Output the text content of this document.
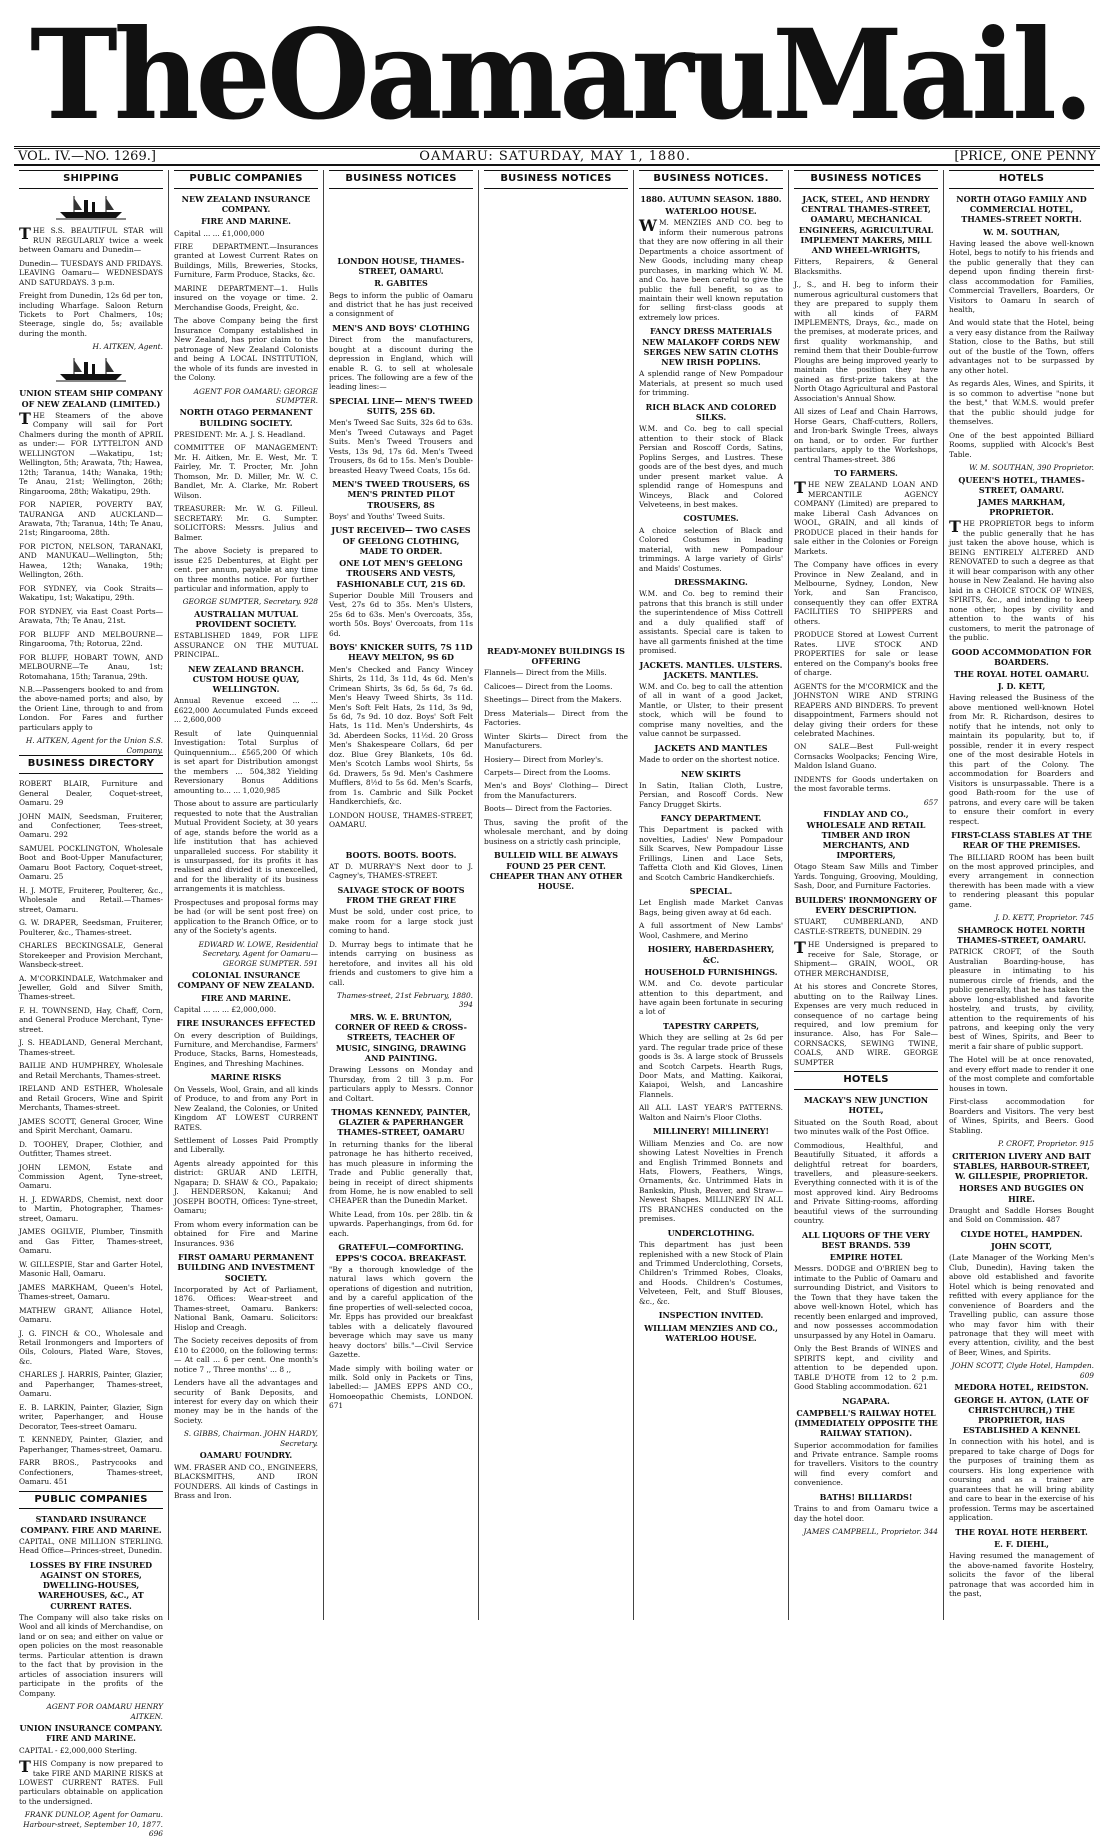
The Oamaru Mail.
VOL. IV.—NO. 1269.]	OAMARU: SATURDAY, MAY 1, 1880.	[PRICE, ONE PENNY
SHIPPING
THE S.S. BEAUTIFUL STAR will RUN REGULARLY twice a week between Oamaru and Dunedin—
Dunedin— TUESDAYS AND FRIDAYS. LEAVING Oamaru— WEDNESDAYS AND SATURDAYS. 3 p.m.
Freight from Dunedin, 12s 6d per ton, including Wharfage. Saloon Return Tickets to Port Chalmers, 10s; Steerage, single do, 5s; available during the month.
H. AITKEN, Agent.
UNION STEAM SHIP COMPANY OF NEW ZEALAND (LIMITED.)
THE Steamers of the above Company will sail for Port Chalmers during the month of APRIL as under:— FOR LYTTELTON AND WELLINGTON —Wakatipu, 1st; Wellington, 5th; Arawata, 7th; Hawea, 12th; Taranua, 14th; Wanaka, 19th; Te Anau, 21st; Wellington, 26th; Ringarooma, 28th; Wakatipu, 29th.
FOR NAPIER, POVERTY BAY, TAURANGA AND AUCKLAND—Arawata, 7th; Taranua, 14th; Te Anau, 21st; Ringarooma, 28th.
FOR PICTON, NELSON, TARANAKI, AND MANUKAU—Wellington, 5th; Hawea, 12th; Wanaka, 19th; Wellington, 26th.
FOR SYDNEY, via Cook Straits—Wakatipu, 1st; Wakatipu, 29th.
FOR SYDNEY, via East Coast Ports—Arawata, 7th; Te Anau, 21st.
FOR BLUFF AND MELBOURNE—Ringarooma, 7th; Rotorua, 22nd.
FOR BLUFF, HOBART TOWN, AND MELBOURNE—Te Anau, 1st; Rotomahana, 15th; Taranua, 29th.
N.B.—Passengers booked to and from the above-named ports; and also, by the Orient Line, through to and from London. For Fares and further particulars apply to
H. AITKEN, Agent for the Union S.S. Company.
BUSINESS DIRECTORY
ROBERT BLAIR, Furniture and General Dealer, Coquet-street, Oamaru. 29
JOHN MAIN, Seedsman, Fruiterer, and Confectioner, Tees-street, Oamaru. 292
SAMUEL POCKLINGTON, Wholesale Boot and Boot-Upper Manufacturer, Oamaru Boot Factory, Coquet-street, Oamaru. 25
H. J. MOTE, Fruiterer, Poulterer, &c., Wholesale and Retail.—Thames-street, Oamaru.
G. W. DRAPER, Seedsman, Fruiterer, Poulterer, &c., Thames-street.
CHARLES BECKINGSALE, General Storekeeper and Provision Merchant, Wansbeck-street.
A. M'CORKINDALE, Watchmaker and Jeweller, Gold and Silver Smith, Thames-street.
F. H. TOWNSEND, Hay, Chaff, Corn, and General Produce Merchant, Tyne-street.
J. S. HEADLAND, General Merchant, Thames-street.
BAILIE AND HUMPHREY, Wholesale and Retail Merchants, Thames-street.
IRELAND AND ESTHER, Wholesale and Retail Grocers, Wine and Spirit Merchants, Thames-street.
JAMES SCOTT, General Grocer, Wine and Spirit Merchant, Oamaru.
D. TOOHEY, Draper, Clothier, and Outfitter, Thames street.
JOHN LEMON, Estate and Commission Agent, Tyne-street, Oamaru.
H. J. EDWARDS, Chemist, next door to Martin, Photographer, Thames-street, Oamaru.
JAMES OGILVIE, Plumber, Tinsmith and Gas Fitter, Thames-street, Oamaru.
W. GILLESPIE, Star and Garter Hotel, Masonic Hall, Oamaru.
JAMES MARKHAM, Queen's Hotel, Thames-street, Oamaru.
MATHEW GRANT, Alliance Hotel, Oamaru.
J. G. FINCH & CO., Wholesale and Retail Ironmongers and Importers of Oils, Colours, Plated Ware, Stoves, &c.
CHARLES J. HARRIS, Painter, Glazier, and Paperhanger, Thames-street, Oamaru.
E. B. LARKIN, Painter, Glazier, Sign writer, Paperhanger, and House Decorator, Tees-street Oamaru.
T. KENNEDY, Painter, Glazier, and Paperhanger, Thames-street, Oamaru.
FARR BROS., Pastrycooks and Confectioners, Thames-street, Oamaru. 451
PUBLIC COMPANIES
STANDARD INSURANCE COMPANY. FIRE AND MARINE.
CAPITAL, ONE MILLION STERLING. Head Office—Princes-street, Dunedin.
LOSSES BY FIRE INSURED AGAINST ON STORES, DWELLING-HOUSES, WAREHOUSES, &C., AT CURRENT RATES.
The Company will also take risks on Wool and all kinds of Merchandise, on land or on sea; and either on value or open policies on the most reasonable terms. Particular attention is drawn to the fact that by provision in the articles of association insurers will participate in the profits of the Company.
AGENT FOR OAMARU HENRY AITKEN.
UNION INSURANCE COMPANY. FIRE AND MARINE.
CAPITAL - £2,000,000 Sterling.
THIS Company is now prepared to take FIRE AND MARINE RISKS at LOWEST CURRENT RATES. Full particulars obtainable on application to the undersigned.
FRANK DUNLOP, Agent for Oamaru. Harbour-street, September 10, 1877. 696
PUBLIC COMPANIES
NEW ZEALAND INSURANCE COMPANY.
FIRE AND MARINE.
Capital ... ... £1,000,000
FIRE DEPARTMENT.—Insurances granted at Lowest Current Rates on Buildings, Mills, Breweries, Stocks, Furniture, Farm Produce, Stacks, &c.
MARINE DEPARTMENT—1. Hulls insured on the voyage or time. 2. Merchandise Goods, Freight, &c.
The above Company being the first Insurance Company established in New Zealand, has prior claim to the patronage of New Zealand Colonists and being A LOCAL INSTITUTION, the whole of its funds are invested in the Colony.
AGENT FOR OAMARU: GEORGE SUMPTER.
NORTH OTAGO PERMANENT BUILDING SOCIETY.
PRESIDENT: Mr. A. J. S. Headland.
COMMITTEE OF MANAGEMENT: Mr. H. Aitken, Mr. E. West, Mr. T. Fairley, Mr. T. Procter, Mr. John Thomson, Mr. D. Miller, Mr. W. C. Bandlet, Mr. A. Clarke, Mr. Robert Wilson.
TREASURER: Mr. W. G. Filleul. SECRETARY: Mr. G. Sumpter. SOLICITORS: Messrs. Julius and Balmer.
The above Society is prepared to issue £25 Debentures, at Eight per cent. per annum, payable at any time on three months notice. For further particular and information, apply to
GEORGE SUMPTER, Secretary. 928
AUSTRALIAN MUTUAL PROVIDENT SOCIETY.
ESTABLISHED 1849, FOR LIFE ASSURANCE ON THE MUTUAL PRINCIPAL.
NEW ZEALAND BRANCH. CUSTOM HOUSE QUAY, WELLINGTON.
Annual Revenue exceed ... ... £622,000 Accumulated Funds exceed ... 2,600,000
Result of late Quinquennial Investigation: Total Surplus of Quinquennium... £565,200 Of which is set apart for Distribution amongst the members ... 504,382 Yielding Reversionary Bonus Additions amounting to... ... 1,020,985
Those about to assure are particularly requested to note that the Australian Mutual Provident Society, at 30 years of age, stands before the world as a life institution that has achieved unparalleled success. For stability it is unsurpassed, for its profits it has realised and divided it is unexcelled, and for the liberality of its business arrangements it is matchless.
Prospectuses and proposal forms may be had (or will be sent post free) on application to the Branch Office, or to any of the Society's agents.
EDWARD W. LOWE, Residential Secretary. Agent for Oamaru— GEORGE SUMPTER. 591
COLONIAL INSURANCE COMPANY OF NEW ZEALAND.
FIRE AND MARINE.
Capital ... ... ... £2,000,000.
FIRE INSURANCES EFFECTED
On every description of Buildings, Furniture, and Merchandise, Farmers' Produce, Stacks, Barns, Homesteads, Engines, and Threshing Machines.
MARINE RISKS
On Vessels, Wool, Grain, and all kinds of Produce, to and from any Port in New Zealand, the Colonies, or United Kingdom AT LOWEST CURRENT RATES.
Settlement of Losses Paid Promptly and Liberally.
Agents already appointed for this district: GRUAR AND LEITH, Ngapara; D. SHAW & CO., Papakaio; J. HENDERSON, Kakanui; And JOSEPH BOOTH, Offices: Tyne-street, Oamaru;
From whom every information can be obtained for Fire and Marine Insurances. 936
FIRST OAMARU PERMANENT BUILDING AND INVESTMENT SOCIETY.
Incorporated by Act of Parliament, 1876. Offices: Wear-street and Thames-street, Oamaru. Bankers: National Bank, Oamaru. Solicitors: Hislop and Creagh.
The Society receives deposits of from £10 to £2000, on the following terms:— At call ... 6 per cent. One month's notice 7 ,, Three months' ... 8 ,,
Lenders have all the advantages and security of Bank Deposits, and interest for every day on which their money may be in the hands of the Society.
S. GIBBS, Chairman. JOHN HARDY, Secretary.
OAMARU FOUNDRY.
WM. FRASER AND CO., ENGINEERS, BLACKSMITHS, AND IRON FOUNDERS. All kinds of Castings in Brass and Iron.
BUSINESS NOTICES
LONDON HOUSE, THAMES-STREET, OAMARU.
R. GABITES
Begs to inform the public of Oamaru and district that he has just received a consignment of
MEN'S AND BOYS' CLOTHING
Direct from the manufacturers, bought at a discount during the depression in England, which will enable R. G. to sell at wholesale prices. The following are a few of the leading lines:—
SPECIAL LINE— MEN'S TWEED SUITS, 25S 6D.
Men's Tweed Sac Suits, 32s 6d to 63s. Men's Tweed Cutaways and Paget Suits. Men's Tweed Trousers and Vests, 13s 9d, 17s 6d. Men's Tweed Trousers, 8s 6d to 15s. Men's Double-breasted Heavy Tweed Coats, 15s 6d.
MEN'S TWEED TROUSERS, 6S MEN'S PRINTED PILOT TROUSERS, 8S
Boys' and Youths' Tweed Suits.
JUST RECEIVED— TWO CASES OF GEELONG CLOTHING, MADE TO ORDER.
ONE LOT MEN'S GEELONG TROUSERS AND VESTS, FASHIONABLE CUT, 21S 6D.
Superior Double Mill Trousers and Vest, 27s 6d to 35s. Men's Ulsters, 25s 6d to 63s. Men's Overcoats, 35s, worth 50s. Boys' Overcoats, from 11s 6d.
BOYS' KNICKER SUITS, 7S 11D HEAVY MELTON, 9S 6D
Men's Checked and Fancy Wincey Shirts, 2s 11d, 3s 11d, 4s 6d. Men's Crimean Shirts, 3s 6d, 5s 6d, 7s 6d. Men's Heavy Tweed Shirts, 3s 11d. Men's Soft Felt Hats, 2s 11d, 3s 9d, 5s 6d, 7s 9d. 10 doz. Boys' Soft Felt Hats, 1s 11d. Men's Undershirts, 4s 3d. Aberdeen Socks, 11½d. 20 Gross Men's Shakespeare Collars, 6d per doz. Blue Grey Blankets, 10s 6d. Men's Scotch Lambs wool Shirts, 5s 6d. Drawers, 5s 9d. Men's Cashmere Mufflers, 8½d to 5s 6d. Men's Scarfs, from 1s. Cambric and Silk Pocket Handkerchiefs, &c.
LONDON HOUSE, THAMES-STREET, OAMARU.
BOOTS. BOOTS. BOOTS.
AT D. MURRAY'S Next door to J. Cagney's, THAMES-STREET.
SALVAGE STOCK OF BOOTS FROM THE GREAT FIRE
Must be sold, under cost price, to make room for a large stock just coming to hand.
D. Murray begs to intimate that he intends carrying on business as heretofore, and invites all his old friends and customers to give him a call.
Thames-street, 21st February, 1880. 394
MRS. W. E. BRUNTON, CORNER OF REED & CROSS-STREETS, TEACHER OF MUSIC, SINGING, DRAWING AND PAINTING.
Drawing Lessons on Monday and Thursday, from 2 till 3 p.m. For particulars apply to Messrs. Connor and Coltart.
THOMAS KENNEDY, PAINTER, GLAZIER & PAPERHANGER THAMES-STREET, OAMARU
In returning thanks for the liberal patronage he has hitherto received, has much pleasure in informing the Trade and Public generally that, being in receipt of direct shipments from Home, he is now enabled to sell CHEAPER than the Dunedin Market.
White Lead, from 10s. per 28lb. tin & upwards. Paperhangings, from 6d. for each.
GRATEFUL—COMFORTING. EPPS'S COCOA. BREAKFAST.
"By a thorough knowledge of the natural laws which govern the operations of digestion and nutrition, and by a careful application of the fine properties of well-selected cocoa, Mr. Epps has provided our breakfast tables with a delicately flavoured beverage which may save us many heavy doctors' bills."—Civil Service Gazette.
Made simply with boiling water or milk. Sold only in Packets or Tins, labelled:— JAMES EPPS AND CO., Homoeopathic Chemists, LONDON. 671
BUSINESS NOTICES
READY-MONEY BUILDINGS IS OFFERING
Flannels— Direct from the Mills.
Calicoes— Direct from the Looms.
Sheetings— Direct from the Makers.
Dress Materials— Direct from the Factories.
Winter Skirts— Direct from the Manufacturers.
Hosiery— Direct from Morley's.
Carpets— Direct from the Looms.
Men's and Boys' Clothing— Direct from the Manufacturers.
Boots— Direct from the Factories.
Thus, saving the profit of the wholesale merchant, and by doing business on a strictly cash principle,
BULLEID WILL BE ALWAYS FOUND 25 PER CENT. CHEAPER THAN ANY OTHER HOUSE.
BUSINESS NOTICES.
1880. AUTUMN SEASON. 1880.
WATERLOO HOUSE.
WM. MENZIES AND CO. beg to inform their numerous patrons that they are now offering in all their Departments a choice assortment of New Goods, including many cheap purchases, in marking which W. M. and Co. have been careful to give the public the full benefit, so as to maintain their well known reputation for selling first-class goods at extremely low prices.
FANCY DRESS MATERIALS NEW MALAKOFF CORDS NEW SERGES NEW SATIN CLOTHS NEW IRISH POPLINS.
A splendid range of New Pompadour Materials, at present so much used for trimming.
RICH BLACK AND COLORED SILKS.
W.M. and Co. beg to call special attention to their stock of Black Persian and Roscoff Cords, Satins, Poplins Serges, and Lustres. These goods are of the best dyes, and much under present market value. A splendid range of Homespuns and Winceys, Black and Colored Velveteens, in best makes.
COSTUMES.
A choice selection of Black and Colored Costumes in leading material, with new Pompadour trimmings. A large variety of Girls' and Maids' Costumes.
DRESSMAKING.
W.M. and Co. beg to remind their patrons that this branch is still under the superintendence of Miss Cottrell and a duly qualified staff of assistants. Special care is taken to have all garments finished at the time promised.
JACKETS. MANTLES. ULSTERS. JACKETS. MANTLES.
W.M. and Co. beg to call the attention of all in want of a good Jacket, Mantle, or Ulster, to their present stock, which will be found to comprise many novelties, and the value cannot be surpassed.
JACKETS AND MANTLES
Made to order on the shortest notice.
NEW SKIRTS
In Satin, Italian Cloth, Lustre, Persian, and Roscoff Cords. New Fancy Drugget Skirts.
FANCY DEPARTMENT.
This Department is packed with novelties, Ladies' New Pompadour Silk Scarves, New Pompadour Lisse Frillings, Linen and Lace Sets, Taffetta Cloth and Kid Gloves, Linen and Scotch Cambric Handkerchiefs.
SPECIAL.
Let English made Market Canvas Bags, being given away at 6d each.
A full assortment of New Lambs' Wool, Cashmere, and Merino
HOSIERY, HABERDASHERY, &C.
HOUSEHOLD FURNISHINGS.
W.M. and Co. devote particular attention to this department, and have again been fortunate in securing a lot of
TAPESTRY CARPETS,
Which they are selling at 2s 6d per yard. The regular trade price of these goods is 3s. A large stock of Brussels and Scotch Carpets. Hearth Rugs, Door Mats, and Matting. Kaikorai, Kaiapoi, Welsh, and Lancashire Flannels.
All ALL LAST YEAR'S PATTERNS. Walton and Nairn's Floor Cloths.
MILLINERY! MILLINERY!
William Menzies and Co. are now showing Latest Novelties in French and English Trimmed Bonnets and Hats, Flowers, Feathers, Wings, Ornaments, &c. Untrimmed Hats in Bankskin, Plush, Beaver, and Straw—Newest Shapes. MILLINERY IN ALL ITS BRANCHES conducted on the premises.
UNDERCLOTHING.
This department has just been replenished with a new Stock of Plain and Trimmed Underclothing, Corsets, Children's Trimmed Robes, Cloaks, and Hoods. Children's Costumes, Velveteen, Felt, and Stuff Blouses, &c., &c.
INSPECTION INVITED.
WILLIAM MENZIES AND CO., WATERLOO HOUSE.
BUSINESS NOTICES
JACK, STEEL, AND HENDRY CENTRAL THAMES-STREET, OAMARU, MECHANICAL ENGINEERS, AGRICULTURAL IMPLEMENT MAKERS, MILL AND WHEEL-WRIGHTS,
Fitters, Repairers, & General Blacksmiths.
J., S., and H. beg to inform their numerous agricultural customers that they are prepared to supply them with all kinds of FARM IMPLEMENTS, Drays, &c., made on the premises, at moderate prices, and first quality workmanship, and remind them that their Double-furrow Ploughs are being improved yearly to maintain the position they have gained as first-prize takers at the North Otago Agricultural and Pastoral Association's Annual Show.
All sizes of Leaf and Chain Harrows, Horse Gears, Chaff-cutters, Rollers, and Iron-bark Swingle Trees, always on hand, or to order. For further particulars, apply to the Workshops, central Thames-street. 386
TO FARMERS.
THE NEW ZEALAND LOAN AND MERCANTILE AGENCY COMPANY (Limited) are prepared to make Liberal Cash Advances on WOOL, GRAIN, and all kinds of PRODUCE placed in their hands for sale either in the Colonies or Foreign Markets.
The Company have offices in every Province in New Zealand, and in Melbourne, Sydney, London, New York, and San Francisco, consequently they can offer EXTRA FACILITIES TO SHIPPERS and others.
PRODUCE Stored at Lowest Current Rates. LIVE STOCK AND PROPERTIES for sale or lease entered on the Company's books free of charge.
AGENTS for the M'CORMICK and the JOHNSTON WIRE AND STRING REAPERS AND BINDERS. To prevent disappointment, Farmers should not delay giving their orders for these celebrated Machines.
ON SALE—Best Full-weight Cornsacks Woolpacks; Fencing Wire, Maldon Island Guano.
INDENTS for Goods undertaken on the most favorable terms.
657
FINDLAY AND CO., WHOLESALE AND RETAIL TIMBER AND IRON MERCHANTS, AND IMPORTERS,
Otago Steam Saw Mills and Timber Yards. Tonguing, Grooving, Moulding, Sash, Door, and Furniture Factories.
BUILDERS' IRONMONGERY OF EVERY DESCRIPTION.
STUART, CUMBERLAND, AND CASTLE-STREETS, DUNEDIN. 29
THE Undersigned is prepared to receive for Sale, Storage, or Shipment— GRAIN, WOOL, OR OTHER MERCHANDISE,
At his stores and Concrete Stores, abutting on to the Railway Lines. Expenses are very much reduced in consequence of no cartage being required, and low premium for insurance. Also, has For Sale— CORNSACKS, SEWING TWINE, COALS, AND WIRE. GEORGE SUMPTER
HOTELS
MACKAY'S NEW JUNCTION HOTEL,
Situated on the South Road, about two minutes walk of the Post Office.
Commodious, Healthful, and Beautifully Situated, it affords a delightful retreat for boarders, travellers, and pleasure-seekers. Everything connected with it is of the most approved kind. Airy Bedrooms and Private Sitting-rooms, affording beautiful views of the surrounding country.
ALL LIQUORS OF THE VERY BEST BRANDS. 539
EMPIRE HOTEL
Messrs. DODGE and O'BRIEN beg to intimate to the Public of Oamaru and surrounding District, and Visitors to the Town that they have taken the above well-known Hotel, which has recently been enlarged and improved, and now possesses accommodation unsurpassed by any Hotel in Oamaru.
Only the Best Brands of WINES and SPIRITS kept, and civility and attention to be depended upon. TABLE D'HOTE from 12 to 2 p.m. Good Stabling accommodation. 621
NGAPARA.
CAMPBELL'S RAILWAY HOTEL (IMMEDIATELY OPPOSITE THE RAILWAY STATION).
Superior accommodation for families and Private entrance. Sample rooms for travellers. Visitors to the country will find every comfort and convenience.
BATHS! BILLIARDS!
Trains to and from Oamaru twice a day the hotel door.
JAMES CAMPBELL, Proprietor. 344
HOTELS
NORTH OTAGO FAMILY AND COMMERCIAL HOTEL, THAMES-STREET NORTH.
W. M. SOUTHAN,
Having leased the above well-known Hotel, begs to notify to his friends and the public generally that they can depend upon finding therein first-class accommodation for Families, Commercial Travellers, Boarders, Or Visitors to Oamaru In search of health,
And would state that the Hotel, being a very easy distance from the Railway Station, close to the Baths, but still out of the bustle of the Town, offers advantages not to be surpassed by any other hotel.
As regards Ales, Wines, and Spirits, it is so common to advertise "none but the best," that W.M.S. would prefer that the public should judge for themselves.
One of the best appointed Billiard Rooms, supplied with Alcock's Best Table.
W. M. SOUTHAN, 390 Proprietor.
QUEEN'S HOTEL, THAMES-STREET, OAMARU.
JAMES MARKHAM, PROPRIETOR.
THE PROPRIETOR begs to inform the public generally that he has just taken the above house, which is BEING ENTIRELY ALTERED AND RENOVATED to such a degree as that it will bear comparison with any other house in New Zealand. He having also laid in a CHOICE STOCK OF WINES, SPIRITS, &c., and intending to keep none other, hopes by civility and attention to the wants of his customers, to merit the patronage of the public.
GOOD ACCOMMODATION FOR BOARDERS.
THE ROYAL HOTEL OAMARU.
J. D. KETT,
Having released the Business of the above mentioned well-known Hotel from Mr. R. Richardson, desires to notify that he intends, not only to maintain its popularity, but to, if possible, render it in every respect one of the most desirable Hotels in this part of the Colony. The accommodation for Boarders and Visitors is unsurpassable. There is a good Bath-room for the use of patrons, and every care will be taken to ensure their comfort in every respect.
FIRST-CLASS STABLES AT THE REAR OF THE PREMISES.
The BILLIARD ROOM has been built on the most approved principles, and every arrangement in connection therewith has been made with a view to rendering pleasant this popular game.
J. D. KETT, Proprietor. 745
SHAMROCK HOTEL NORTH THAMES-STREET, OAMARU.
PATRICK CROFT, of the South Australian Boarding-house, has pleasure in intimating to his numerous circle of friends, and the public generally, that he has taken the above long-established and favorite hostelry, and trusts, by civility, attention to the requirements of his patrons, and keeping only the very best of Wines, Spirits, and Beer to merit a fair share of public support.
The Hotel will be at once renovated, and every effort made to render it one of the most complete and comfortable houses in town.
First-class accommodation for Boarders and Visitors. The very best of Wines, Spirits, and Beers. Good Stabling.
P. CROFT, Proprietor. 915
CRITERION LIVERY AND BAIT STABLES, HARBOUR-STREET, W. GILLESPIE, PROPRIETOR.
HORSES AND BUGGIES ON HIRE.
Draught and Saddle Horses Bought and Sold on Commission. 487
CLYDE HOTEL, HAMPDEN.
JOHN SCOTT,
(Late Manager of the Working Men's Club, Dunedin), Having taken the above old established and favorite Hotel which is being renovated and refitted with every appliance for the convenience of Boarders and the Travelling public, can assure those who may favor him with their patronage that they will meet with every attention, civility, and the best of Beer, Wines, and Spirits.
JOHN SCOTT, Clyde Hotel, Hampden. 609
MEDORA HOTEL, REIDSTON.
GEORGE H. AYTON, (LATE OF CHRISTCHURCH,) THE PROPRIETOR, HAS ESTABLISHED A KENNEL
In connection with his hotel, and is prepared to take charge of Dogs for the purposes of training them as coursers. His long experience with coursing and as a trainer are guarantees that he will bring ability and care to bear in the exercise of his profession. Terms may be ascertained application.
THE ROYAL HOTE HERBERT.
E. F. DIEHL,
Having resumed the management of the above-named favorite Hostelry, solicits the favor of the liberal patronage that was accorded him in the past,
